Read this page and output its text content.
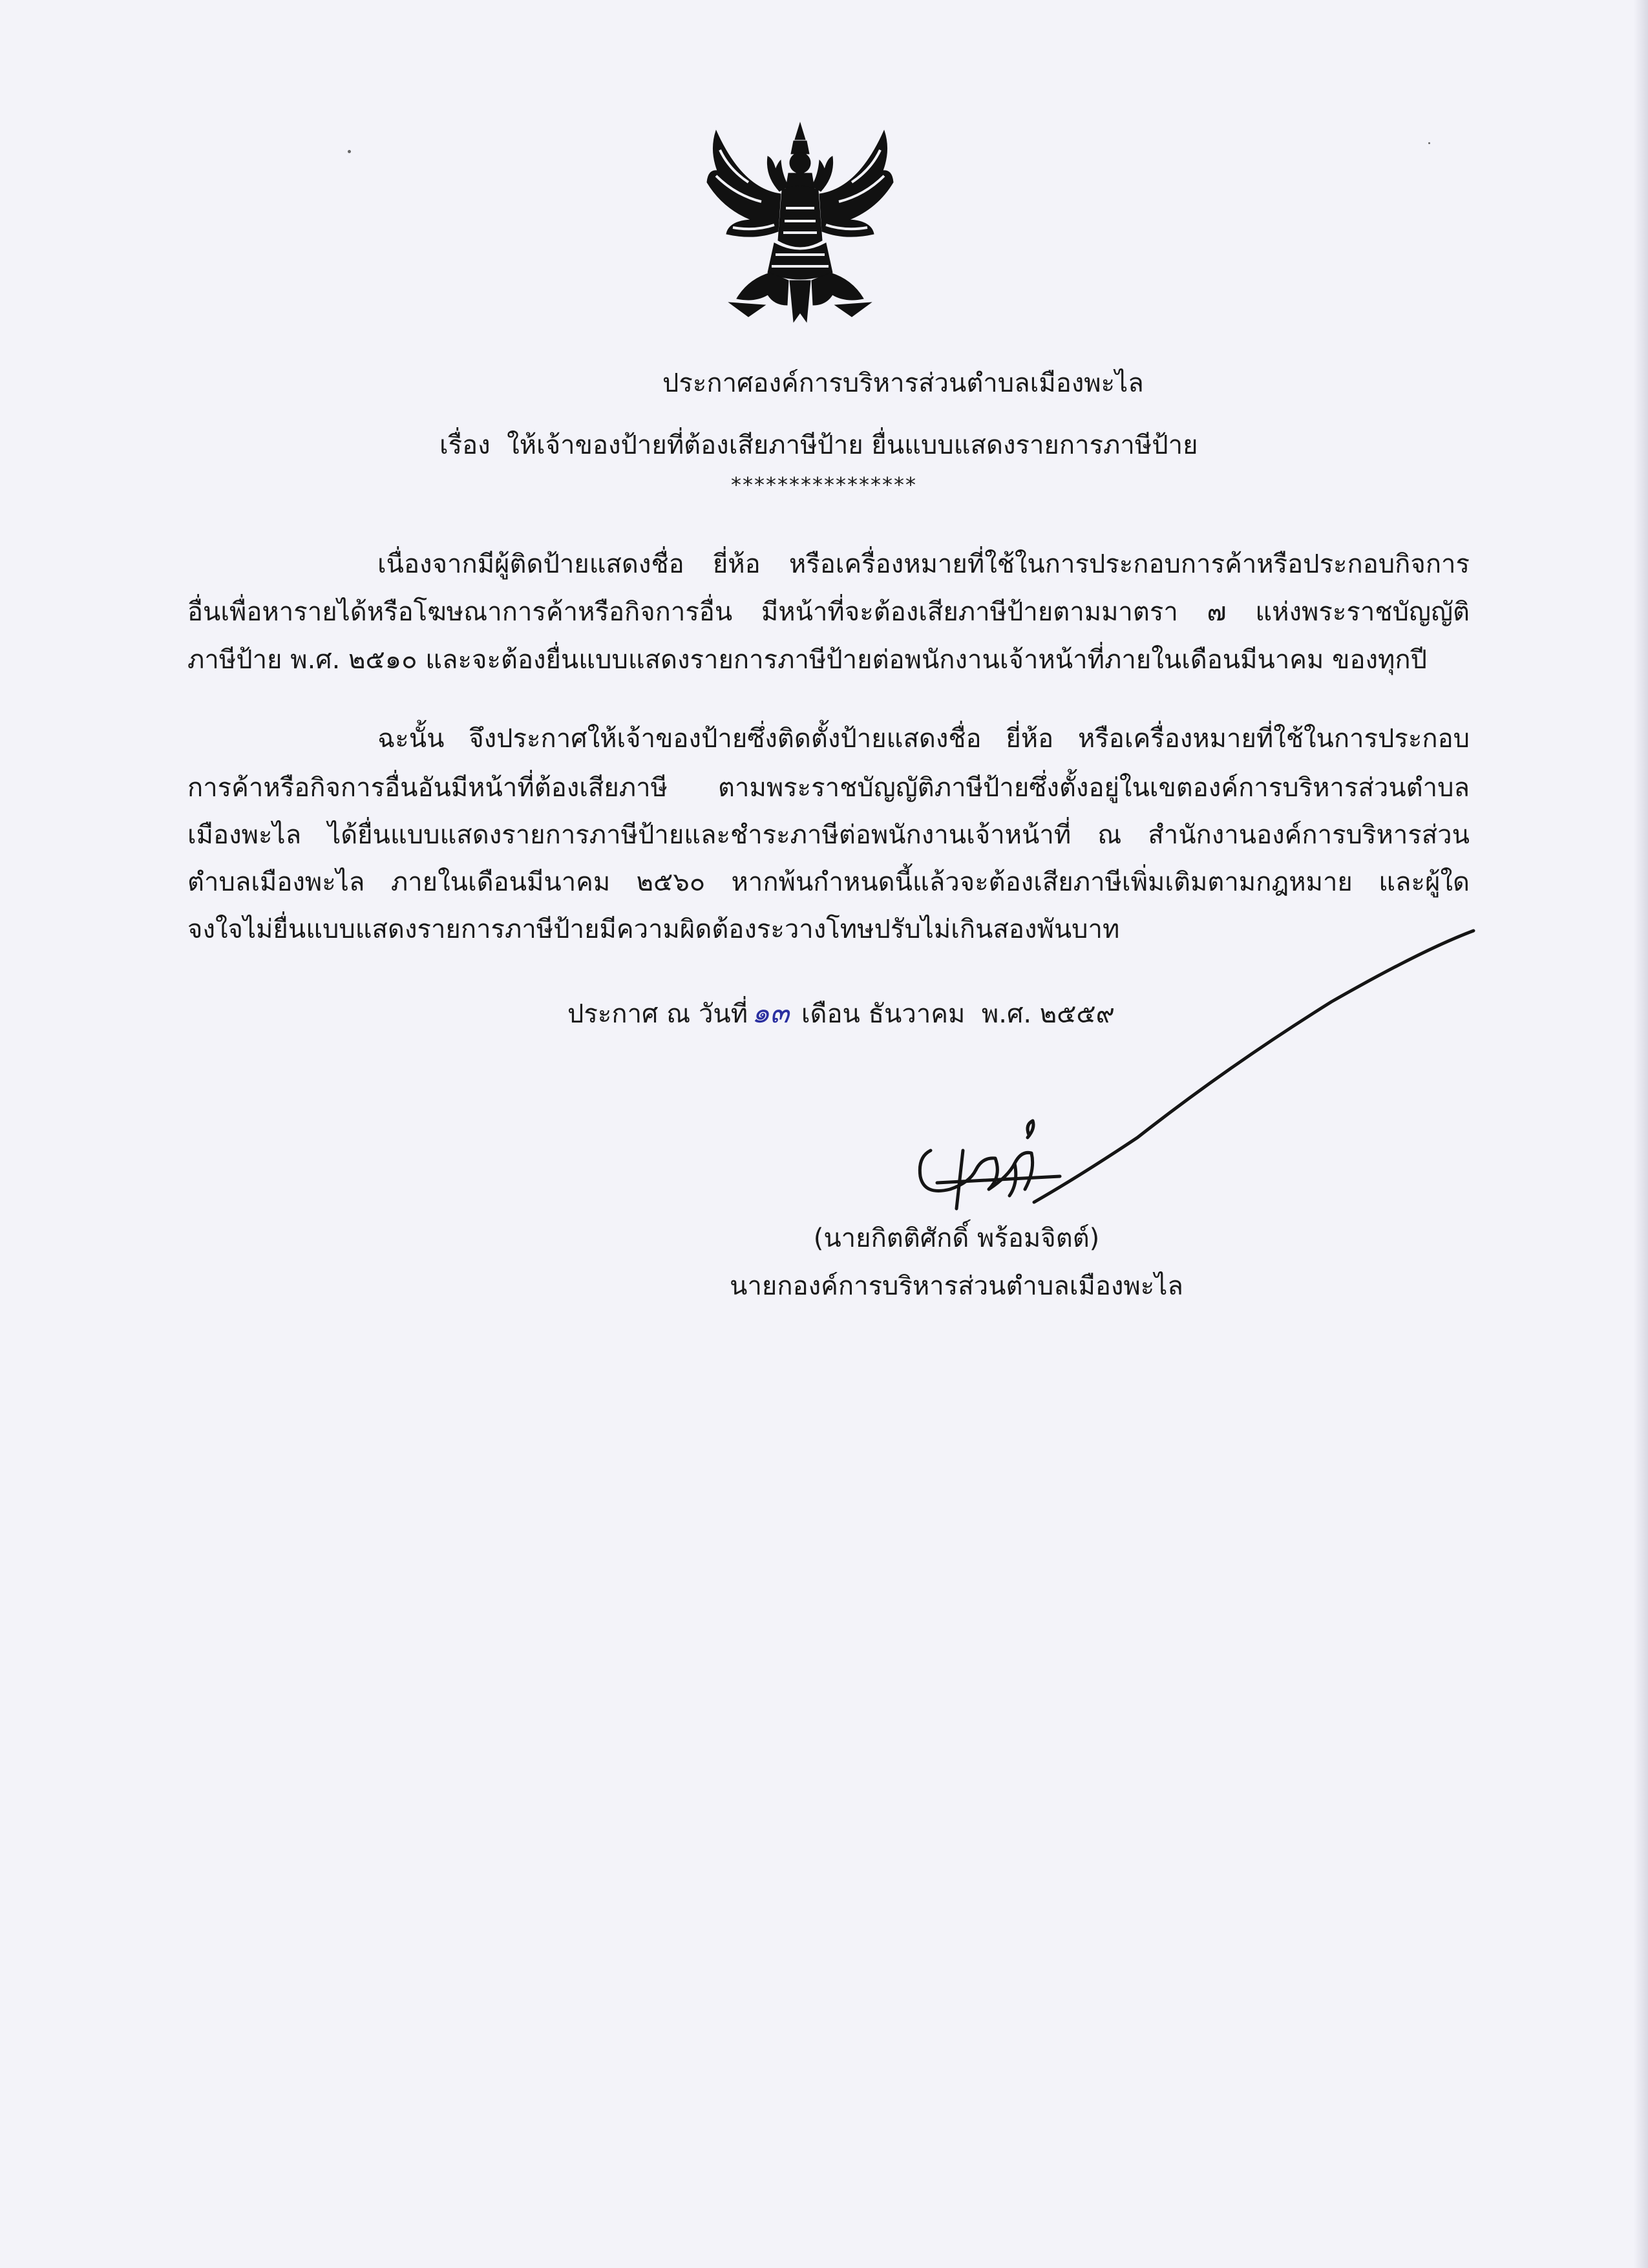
ประกาศองค์การบริหารส่วนตำบลเมืองพะไล
เรื่อง ให้เจ้าของป้ายที่ต้องเสียภาษีป้าย ยื่นแบบแสดงรายการภาษีป้าย
****************
เนื่องจากมีผู้ติดป้ายแสดงชื่อ ยี่ห้อ หรือเครื่องหมายที่ใช้ในการประกอบการค้าหรือประกอบกิจการ
อื่นเพื่อหารายได้หรือโฆษณาการค้าหรือกิจการอื่น มีหน้าที่จะต้องเสียภาษีป้ายตามมาตรา ๗ แห่งพระราชบัญญัติ
ภาษีป้าย พ.ศ. ๒๕๑๐ และจะต้องยื่นแบบแสดงรายการภาษีป้ายต่อพนักงานเจ้าหน้าที่ภายในเดือนมีนาคม ของทุกปี
ฉะนั้น จึงประกาศให้เจ้าของป้ายซึ่งติดตั้งป้ายแสดงชื่อ ยี่ห้อ หรือเครื่องหมายที่ใช้ในการประกอบ
การค้าหรือกิจการอื่นอันมีหน้าที่ต้องเสียภาษี ตามพระราชบัญญัติภาษีป้ายซึ่งตั้งอยู่ในเขตองค์การบริหารส่วนตำบล
เมืองพะไล ได้ยื่นแบบแสดงรายการภาษีป้ายและชำระภาษีต่อพนักงานเจ้าหน้าที่ ณ สำนักงานองค์การบริหารส่วน
ตำบลเมืองพะไล ภายในเดือนมีนาคม ๒๕๖๐ หากพ้นกำหนดนี้แล้วจะต้องเสียภาษีเพิ่มเติมตามกฎหมาย และผู้ใด
จงใจไม่ยื่นแบบแสดงรายการภาษีป้ายมีความผิดต้องระวางโทษปรับไม่เกินสองพันบาท
ประกาศ ณ วันที่ ๑๓ เดือน ธันวาคม พ.ศ. ๒๕๕๙
(นายกิตติศักดิ์ พร้อมจิตต์)
นายกองค์การบริหารส่วนตำบลเมืองพะไล
